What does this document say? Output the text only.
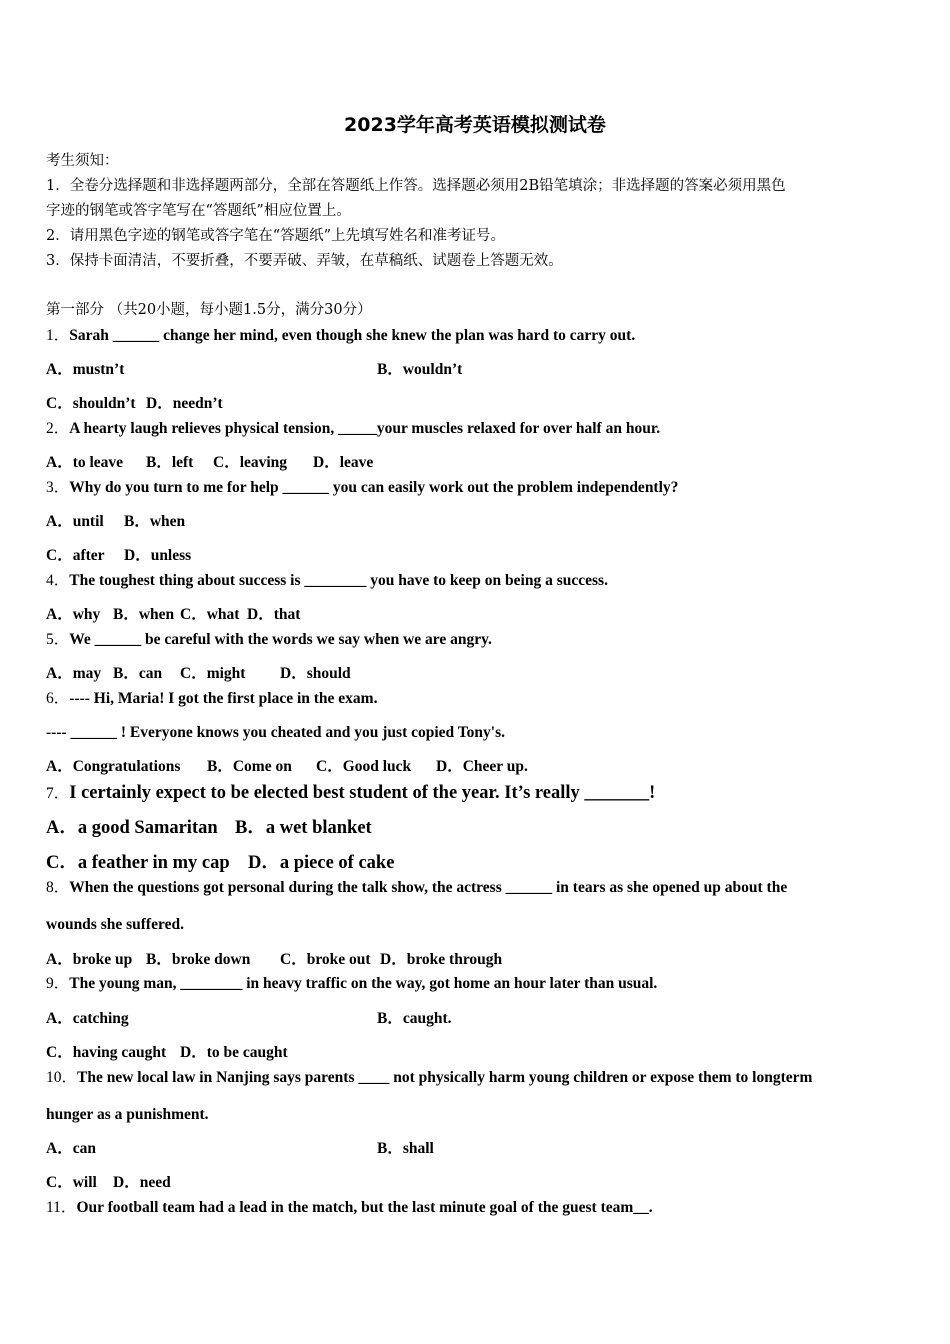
2023学年高考英语模拟测试卷
考生须知：
1．全卷分选择题和非选择题两部分，全部在答题纸上作答。选择题必须用2B铅笔填涂；非选择题的答案必须用黑色
字迹的钢笔或答字笔写在“答题纸”相应位置上。
2．请用黑色字迹的钢笔或答字笔在“答题纸”上先填写姓名和准考证号。
3．保持卡面清洁，不要折叠，不要弄破、弄皱，在草稿纸、试题卷上答题无效。
第一部分 （共20小题，每小题1.5分，满分30分）
1．Sarah ______ change her mind, even though she knew the plan was hard to carry out.
A．mustn’t	B．wouldn’t
C．shouldn’t D．needn’t
2．A hearty laugh relieves physical tension, _____your muscles relaxed for over half an hour.
A．to leave B．left C．leaving D．leave
3．Why do you turn to me for help ______ you can easily work out the problem independently?
A．until B．when
C．after D．unless
4．The toughest thing about success is ________ you have to keep on being a success.
A．why B．when C．what D．that
5．We ______ be careful with the words we say when we are angry.
A．may B．can C．might D．should
6．---- Hi, Maria! I got the first place in the exam.
---- ______ ! Everyone knows you cheated and you just copied Tony's.
A．Congratulations B．Come on C．Good luck D．Cheer up.
7．I certainly expect to be elected best student of the year. It’s really _______!
A．a good Samaritan B．a wet blanket
C．a feather in my cap D．a piece of cake
8．When the questions got personal during the talk show, the actress ______ in tears as she opened up about the
wounds she suffered.
A．broke up B．broke down C．broke out D．broke through
9．The young man, ________ in heavy traffic on the way, got home an hour later than usual.
A．catching	B．caught.
C．having caught D．to be caught
10．The new local law in Nanjing says parents ____ not physically harm young children or expose them to longterm
hunger as a punishment.
A．can	B．shall
C．will D．need
11．Our football team had a lead in the match, but the last minute goal of the guest team__.
